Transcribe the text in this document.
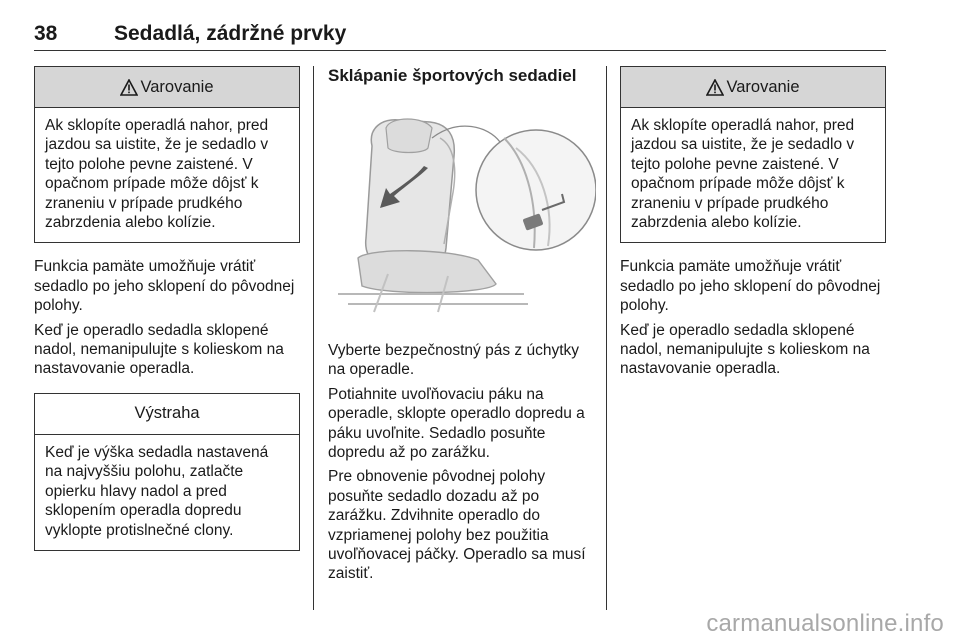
38	Sedadlá, zádržné prvky
Varovanie
Ak sklopíte operadlá nahor, pred jazdou sa uistite, že je sedadlo v tejto polohe pevne zaistené. V opačnom prípade môže dôjsť k zraneniu v prípade prudkého zabrzdenia alebo kolízie.

Funkcia pamäte umožňuje vrátiť sedadlo po jeho sklopení do pôvodnej polohy.

Keď je operadlo sedadla sklopené nadol, nemanipulujte s kolieskom na nastavovanie operadla.

Výstraha
Keď je výška sedadla nastavená na najvyššiu polohu, zatlačte opierku hlavy nadol a pred sklopením operadla dopredu vyklopte protislnečné clony.
Sklápanie športových sedadiel

Vyberte bezpečnostný pás z úchytky na operadle.

Potiahnite uvoľňovaciu páku na operadle, sklopte operadlo dopredu a páku uvoľnite. Sedadlo posuňte dopredu až po zarážku.

Pre obnovenie pôvodnej polohy posuňte sedadlo dozadu až po zarážku. Zdvihnite operadlo do vzpriamenej polohy bez použitia uvoľňovacej páčky. Operadlo sa musí zaistiť.

Varovanie
Ak sklopíte operadlá nahor, pred jazdou sa uistite, že je sedadlo v tejto polohe pevne zaistené. V opačnom prípade môže dôjsť k zraneniu v prípade prudkého zabrzdenia alebo kolízie.

Funkcia pamäte umožňuje vrátiť sedadlo po jeho sklopení do pôvodnej polohy.

Keď je operadlo sedadla sklopené nadol, nemanipulujte s kolieskom na nastavovanie operadla.

carmanualsonline.info
